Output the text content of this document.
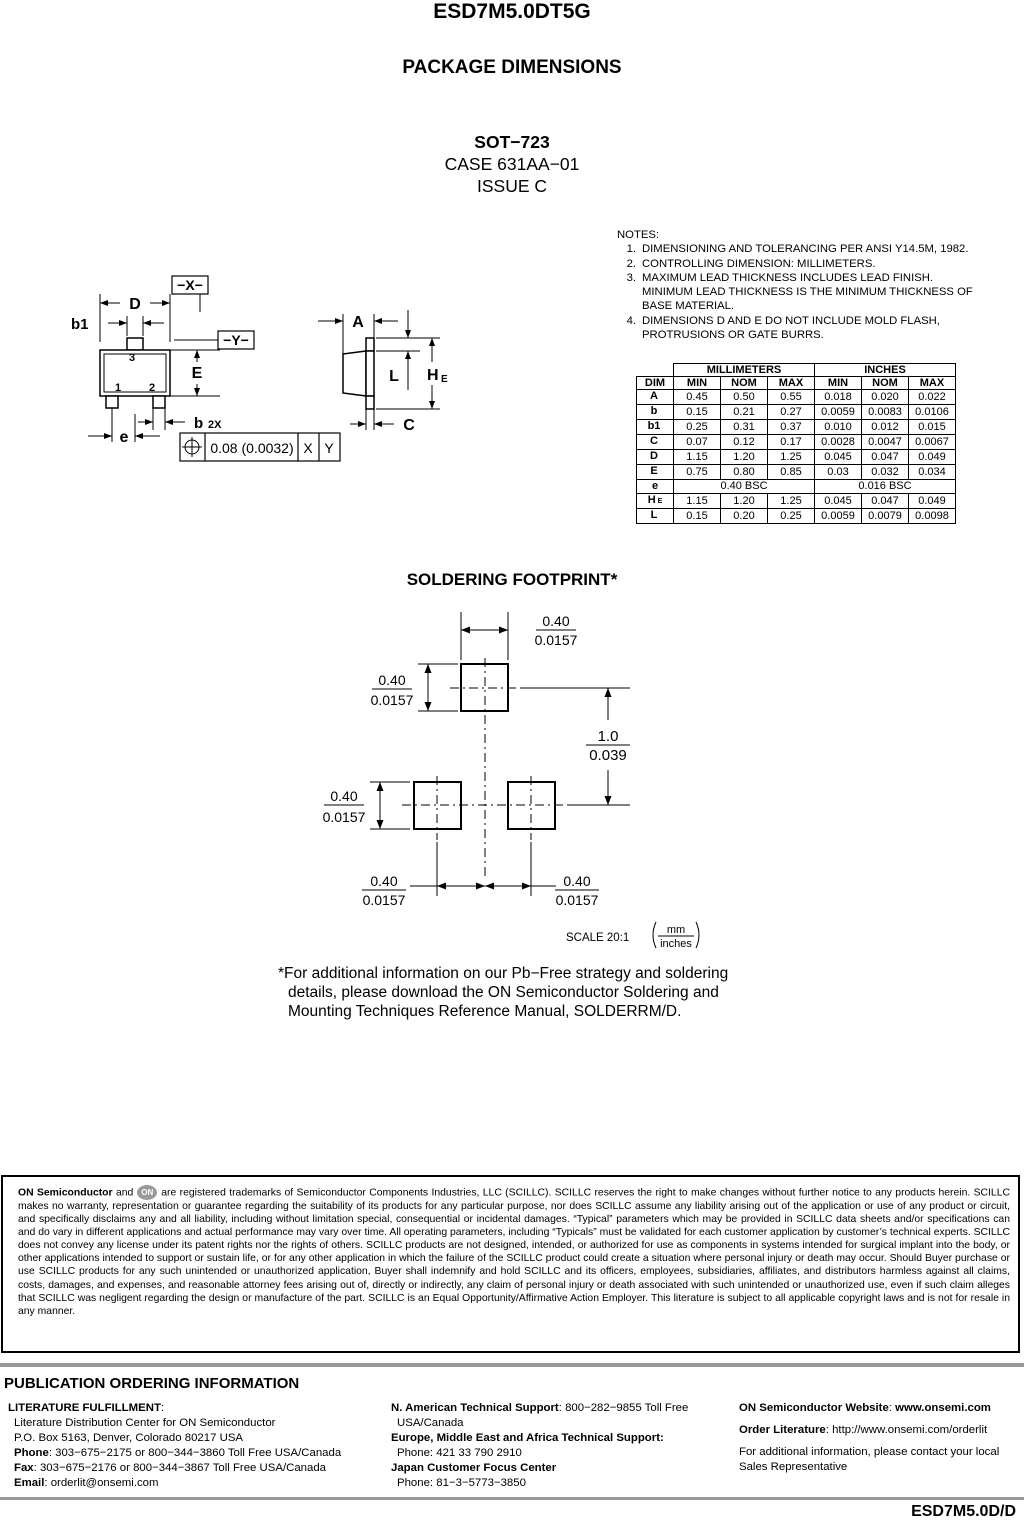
ESD7M5.0DT5G
PACKAGE DIMENSIONS
SOT−723
CASE 631AA−01
ISSUE C
−X−
−Y−
D
b1
3
1	2
E
e
b 2X
0.08 (0.0032) X Y
A
L H E
C
NOTES:
1. DIMENSIONING AND TOLERANCING PER ANSI Y14.5M, 1982.
2. CONTROLLING DIMENSION: MILLIMETERS.
3. MAXIMUM LEAD THICKNESS INCLUDES LEAD FINISH. MINIMUM LEAD THICKNESS IS THE MINIMUM THICKNESS OF BASE MATERIAL.
4. DIMENSIONS D AND E DO NOT INCLUDE MOLD FLASH, PROTRUSIONS OR GATE BURRS.
	MILLIMETERS			INCHES		
DIM	MIN	NOM	MAX	MIN	NOM	MAX
A	0.45	0.50	0.55	0.018	0.020	0.022
b	0.15	0.21	0.27	0.0059	0.0083	0.0106
b1	0.25	0.31	0.37	0.010	0.012	0.015
C	0.07	0.12	0.17	0.0028	0.0047	0.0067
D	1.15	1.20	1.25	0.045	0.047	0.049
E	0.75	0.80	0.85	0.03	0.032	0.034
e	0.40 BSC			0.016 BSC		
H E	1.15	1.20	1.25	0.045	0.047	0.049
L	0.15	0.20	0.25	0.0059	0.0079	0.0098
SOLDERING FOOTPRINT*
0.40
0.0157
0.40
0.0157
1.0
0.039
0.40
0.0157
0.40
0.0157
0.40
0.0157
SCALE 20:1
mm
inches
*For additional information on our Pb−Free strategy and soldering
details, please download the ON Semiconductor Soldering and
Mounting Techniques Reference Manual, SOLDERRM/D.
ON Semiconductor and ON are registered trademarks of Semiconductor Components Industries, LLC (SCILLC). SCILLC reserves the right to make changes without further notice to any products herein. SCILLC makes no warranty, representation or guarantee regarding the suitability of its products for any particular purpose, nor does SCILLC assume any liability arising out of the application or use of any product or circuit, and specifically disclaims any and all liability, including without limitation special, consequential or incidental damages. “Typical” parameters which may be provided in SCILLC data sheets and/or specifications can and do vary in different applications and actual performance may vary over time. All operating parameters, including “Typicals” must be validated for each customer application by customer’s technical experts. SCILLC does not convey any license under its patent rights nor the rights of others. SCILLC products are not designed, intended, or authorized for use as components in systems intended for surgical implant into the body, or other applications intended to support or sustain life, or for any other application in which the failure of the SCILLC product could create a situation where personal injury or death may occur. Should Buyer purchase or use SCILLC products for any such unintended or unauthorized application, Buyer shall indemnify and hold SCILLC and its officers, employees, subsidiaries, affiliates, and distributors harmless against all claims, costs, damages, and expenses, and reasonable attorney fees arising out of, directly or indirectly, any claim of personal injury or death associated with such unintended or unauthorized use, even if such claim alleges that SCILLC was negligent regarding the design or manufacture of the part. SCILLC is an Equal Opportunity/Affirmative Action Employer. This literature is subject to all applicable copyright laws and is not for resale in any manner.
PUBLICATION ORDERING INFORMATION
LITERATURE FULFILLMENT:
Literature Distribution Center for ON Semiconductor
P.O. Box 5163, Denver, Colorado 80217 USA
Phone: 303−675−2175 or 800−344−3860 Toll Free USA/Canada
Fax: 303−675−2176 or 800−344−3867 Toll Free USA/Canada
Email: orderlit@onsemi.com
N. American Technical Support: 800−282−9855 Toll Free
USA/Canada
Europe, Middle East and Africa Technical Support:
Phone: 421 33 790 2910
Japan Customer Focus Center
Phone: 81−3−5773−3850
ON Semiconductor Website: www.onsemi.com
Order Literature: http://www.onsemi.com/orderlit
For additional information, please contact your local
Sales Representative
ESD7M5.0D/D
